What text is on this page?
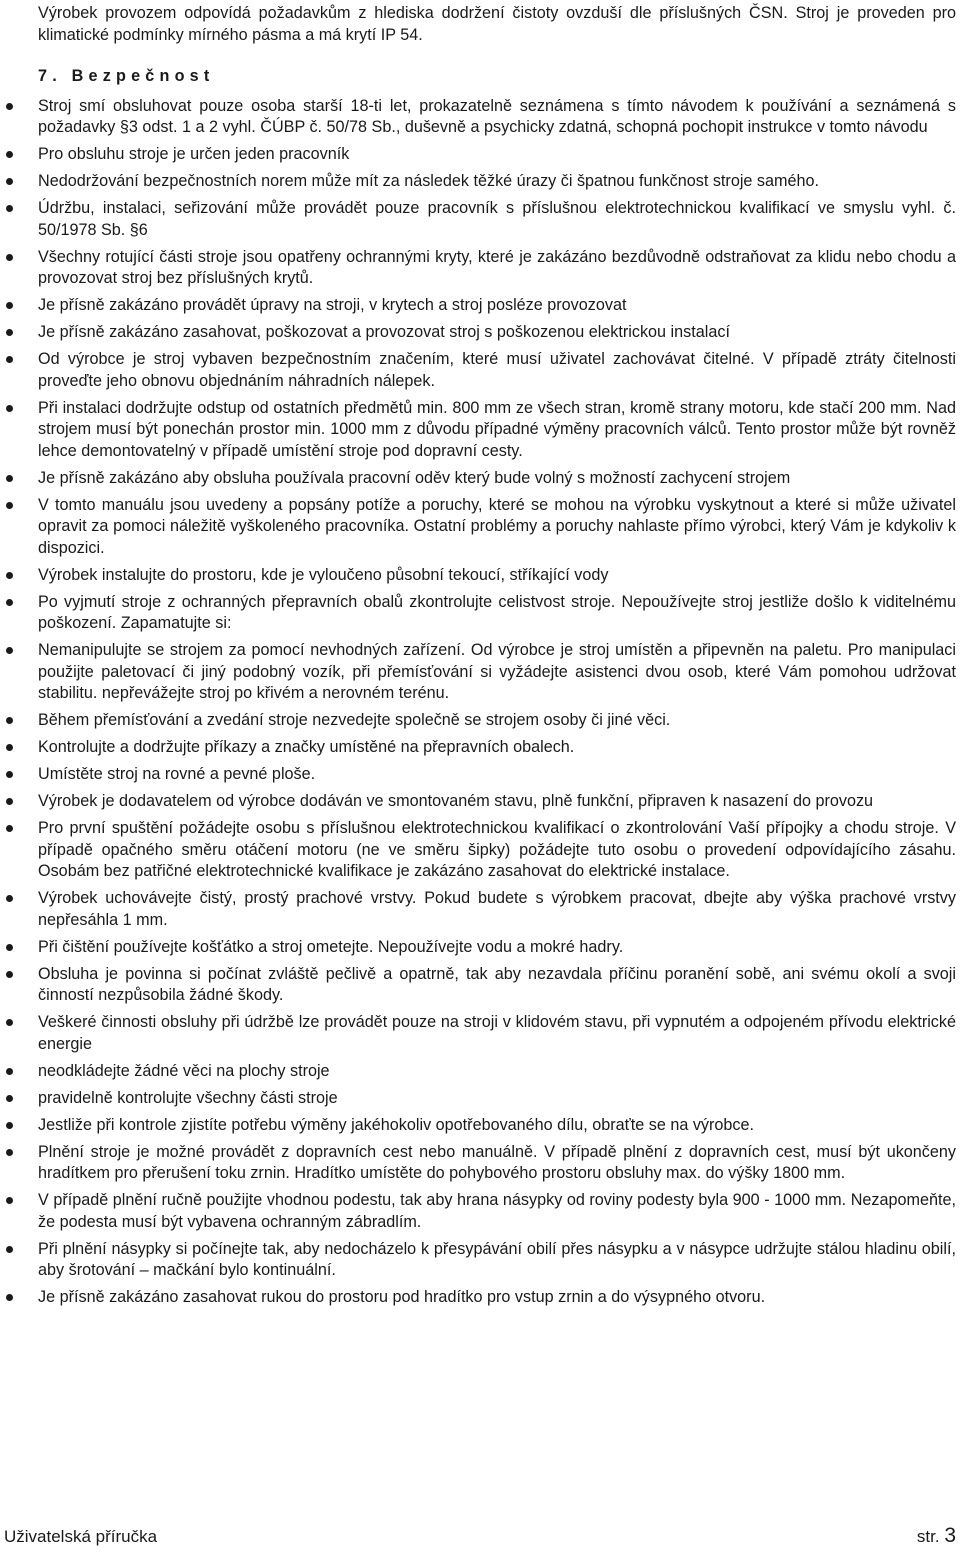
Výrobek provozem odpovídá požadavkům z hlediska dodržení čistoty ovzduší dle příslušných ČSN. Stroj je proveden pro klimatické podmínky mírného pásma a má krytí IP 54.

7. Bezpečnost
Stroj smí obsluhovat pouze osoba starší 18-ti let, prokazatelně seznámena s tímto návodem k používání a seznámená s požadavky §3 odst. 1 a 2 vyhl. ČÚBP č. 50/78 Sb., duševně a psychicky zdatná, schopná pochopit instrukce v tomto návodu
Pro obsluhu stroje je určen jeden pracovník
Nedodržování bezpečnostních norem může mít za následek těžké úrazy či špatnou funkčnost stroje samého.
Údržbu, instalaci, seřizování může provádět pouze pracovník s příslušnou elektrotechnickou kvalifikací ve smyslu vyhl. č. 50/1978 Sb. §6
Všechny rotující části stroje jsou opatřeny ochrannými kryty, které je zakázáno bezdůvodně odstraňovat za klidu nebo chodu a provozovat stroj bez příslušných krytů.
Je přísně zakázáno provádět úpravy na stroji, v krytech a stroj posléze provozovat
Je přísně zakázáno zasahovat, poškozovat a provozovat stroj s poškozenou elektrickou instalací
Od výrobce je stroj vybaven bezpečnostním značením, které musí uživatel zachovávat čitelné. V případě ztráty čitelnosti proveďte jeho obnovu objednáním náhradních nálepek.
Při instalaci dodržujte odstup od ostatních předmětů min. 800 mm ze všech stran, kromě strany motoru, kde stačí 200 mm. Nad strojem musí být ponechán prostor min. 1000 mm z důvodu případné výměny pracovních válců. Tento prostor může být rovněž lehce demontovatelný v případě umístění stroje pod dopravní cesty.
Je přísně zakázáno aby obsluha používala pracovní oděv který bude volný s možností zachycení strojem
V tomto manuálu jsou uvedeny a popsány potíže a poruchy, které se mohou na výrobku vyskytnout a které si může uživatel opravit za pomoci náležitě vyškoleného pracovníka. Ostatní problémy a poruchy nahlaste přímo výrobci, který Vám je kdykoliv k dispozici.
Výrobek instalujte do prostoru, kde je vyloučeno působní tekoucí, stříkající vody
Po vyjmutí stroje z ochranných přepravních obalů zkontrolujte celistvost stroje. Nepoužívejte stroj jestliže došlo k viditelnému poškození. Zapamatujte si:
Nemanipulujte se strojem za pomocí nevhodných zařízení. Od výrobce je stroj umístěn a připevněn na paletu. Pro manipulaci použijte paletovací či jiný podobný vozík, při přemísťování si vyžádejte asistenci dvou osob, které Vám pomohou udržovat stabilitu. nepřevážejte stroj po křivém a nerovném terénu.
Během přemísťování a zvedání stroje nezvedejte společně se strojem osoby či jiné věci.
Kontrolujte a dodržujte příkazy a značky umístěné na přepravních obalech.
Umístěte stroj na rovné a pevné ploše.
Výrobek je dodavatelem od výrobce dodáván ve smontovaném stavu, plně funkční, připraven k nasazení do provozu
Pro první spuštění požádejte osobu s příslušnou elektrotechnickou kvalifikací o zkontrolování Vaší přípojky a chodu stroje. V případě opačného směru otáčení motoru (ne ve směru šipky) požádejte tuto osobu o provedení odpovídajícího zásahu. Osobám bez patřičné elektrotechnické kvalifikace je zakázáno zasahovat do elektrické instalace.
Výrobek uchovávejte čistý, prostý prachové vrstvy. Pokud budete s výrobkem pracovat, dbejte aby výška prachové vrstvy nepřesáhla 1 mm.
Při čištění používejte košťátko a stroj ometejte. Nepoužívejte vodu a mokré hadry.
Obsluha je povinna si počínat zvláště pečlivě a opatrně, tak aby nezavdala příčinu poranění sobě, ani svému okolí a svoji činností nezpůsobila žádné škody.
Veškeré činnosti obsluhy při údržbě lze provádět pouze na stroji v klidovém stavu, při vypnutém a odpojeném přívodu elektrické energie
neodkládejte žádné věci na plochy stroje
pravidelně kontrolujte všechny části stroje
Jestliže při kontrole zjistíte potřebu výměny jakéhokoliv opotřebovaného dílu, obraťte se na výrobce.
Plnění stroje je možné provádět z dopravních cest nebo manuálně. V případě plnění z dopravních cest, musí být ukončeny hradítkem pro přerušení toku zrnin. Hradítko umístěte do pohybového prostoru obsluhy max. do výšky 1800 mm.
V případě plnění ručně použijte vhodnou podestu, tak aby hrana násypky od roviny podesty byla 900 - 1000 mm. Nezapomeňte, že podesta musí být vybavena ochranným zábradlím.
Při plnění násypky si počínejte tak, aby nedocházelo k přesypávání obilí přes násypku a v násypce udržujte stálou hladinu obilí, aby šrotování – mačkání bylo kontinuální.
Je přísně zakázáno zasahovat rukou do prostoru pod hradítko pro vstup zrnin a do výsypného otvoru.
Uživatelská příručka	str. 3
